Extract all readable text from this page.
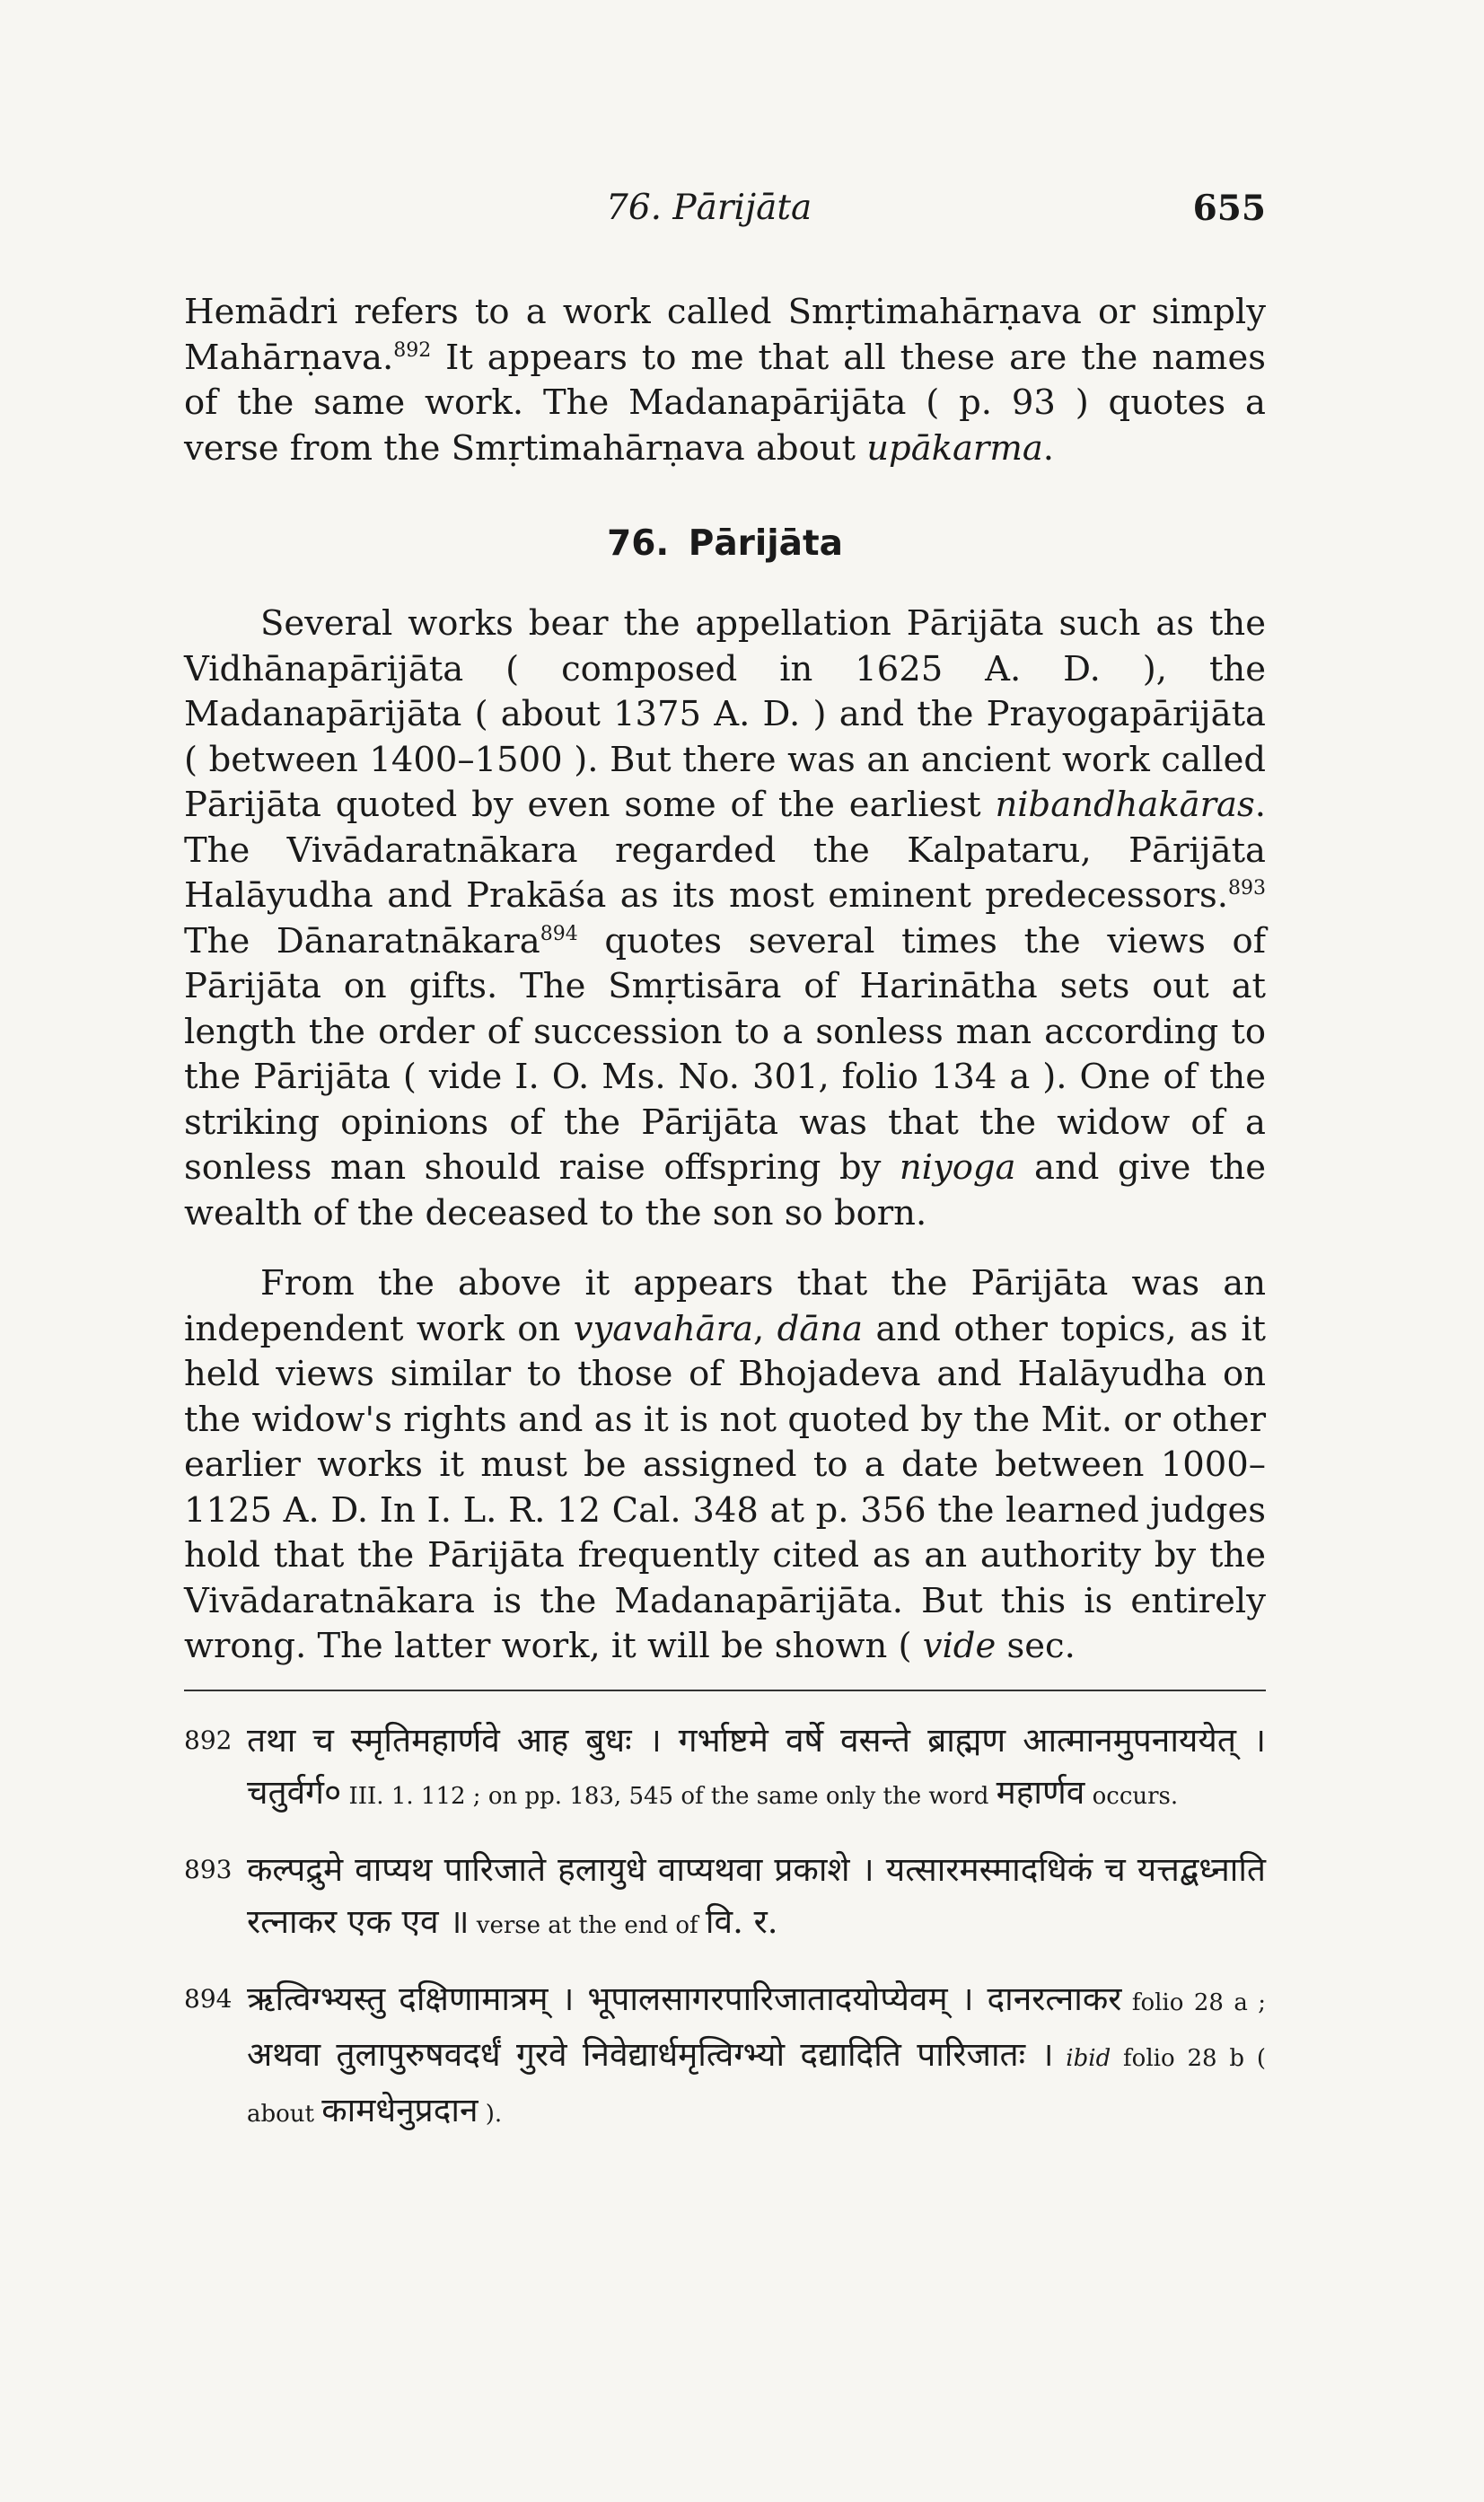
76. Pārijāta	655

Hemādri refers to a work called Smṛtimahārṇava or simply Mahārṇava.$^{892}$ It appears to me that all these are the names of the same work. The Madanapārijāta ( p. 93 ) quotes a verse from the Smṛtimahārṇava about upākarma.

76. Pārijāta

Several works bear the appellation Pārijāta such as the Vidhānapārijāta ( composed in 1625 A. D. ), the Madanapārijāta ( about 1375 A. D. ) and the Prayogapārijāta ( between 1400–1500 ). But there was an ancient work called Pārijāta quoted by even some of the earliest nibandhakāras. The Vivādaratnākara regarded the Kalpataru, Pārijāta Halāyudha and Prakāśa as its most eminent predecessors.$^{893}$ The Dānaratnākara$^{894}$ quotes several times the views of Pārijāta on gifts. The Smṛtisāra of Harinātha sets out at length the order of succession to a sonless man according to the Pārijāta ( vide I. O. Ms. No. 301, folio 134 a ). One of the striking opinions of the Pārijāta was that the widow of a sonless man should raise offspring by niyoga and give the wealth of the deceased to the son so born.

From the above it appears that the Pārijāta was an independent work on vyavahāra, dāna and other topics, as it held views similar to those of Bhojadeva and Halāyudha on the widow's rights and as it is not quoted by the Mit. or other earlier works it must be assigned to a date between 1000–1125 A. D. In I. L. R. 12 Cal. 348 at p. 356 the learned judges hold that the Pārijāta frequently cited as an authority by the Vivādaratnākara is the Madanapārijāta. But this is entirely wrong. The latter work, it will be shown ( vide sec.

892 तथा च स्मृतिमहार्णवे आह बुधः । गर्भाष्टमे वर्षे वसन्ते ब्राह्मण आत्मानमुपनाययेत् । चतुर्वर्ग० III. 1. 112 ; on pp. 183, 545 of the same only the word महार्णव occurs.
893 कल्पद्रुमे वाप्यथ पारिजाते हलायुधे वाप्यथवा प्रकाशे । यत्सारमस्मादधिकं च यत्तद्बध्नाति रत्नाकर एक एव ॥ verse at the end of वि. र.
894 ऋत्विग्भ्यस्तु दक्षिणामात्रम् । भूपालसागरपारिजातादयोप्येवम् । दानरत्नाकर folio 28 a ; अथवा तुलापुरुषवदर्धं गुरवे निवेद्यार्धमृत्विग्भ्यो दद्यादिति पारिजातः । ibid folio 28 b ( about कामधेनुप्रदान ).
